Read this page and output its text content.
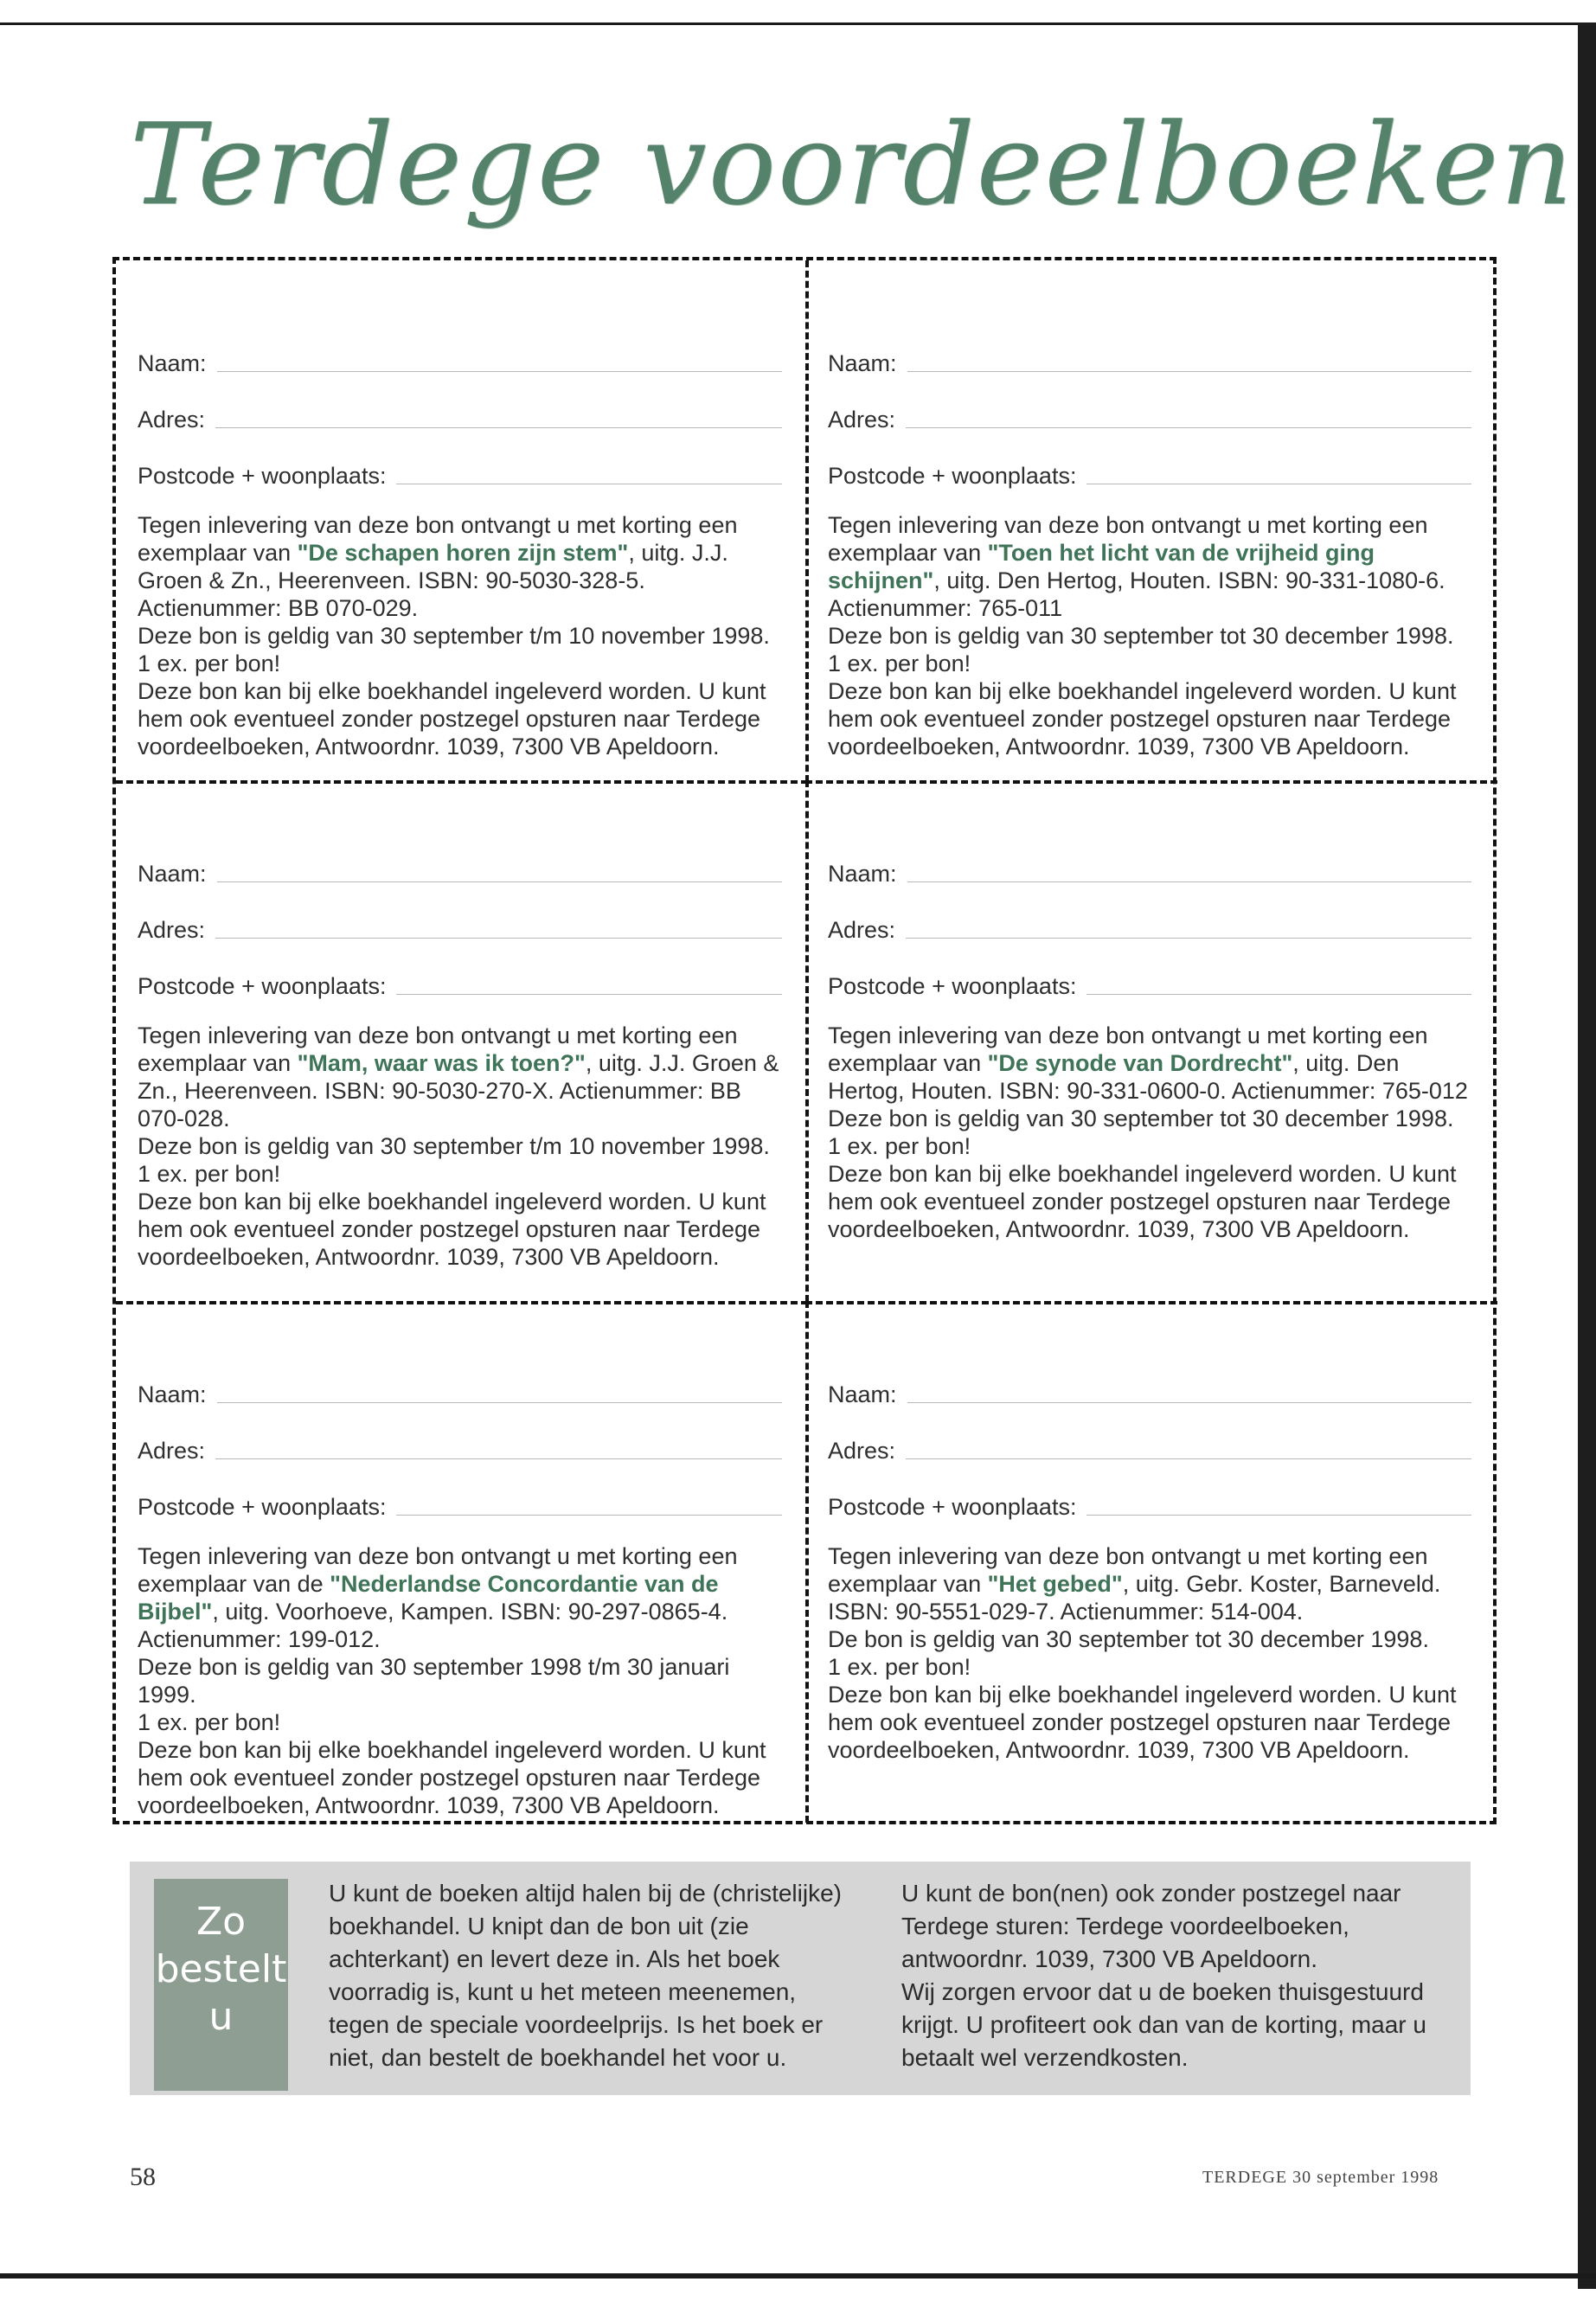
Terdege voordeelboeken
Naam:
Adres:
Postcode + woonplaats:

Tegen inlevering van deze bon ontvangt u met korting een exemplaar van "De schapen horen zijn stem", uitg. J.J. Groen & Zn., Heerenveen. ISBN: 90-5030-328-5. Actienummer: BB 070-029.

Deze bon is geldig van 30 september t/m 10 november 1998.

1 ex. per bon!

Deze bon kan bij elke boekhandel ingeleverd worden. U kunt hem ook eventueel zonder postzegel opsturen naar Terdege voordeelboeken, Antwoordnr. 1039, 7300 VB Apeldoorn.

Naam:
Adres:
Postcode + woonplaats:

Tegen inlevering van deze bon ontvangt u met korting een exemplaar van "Toen het licht van de vrijheid ging schijnen", uitg. Den Hertog, Houten. ISBN: 90-331-1080-6. Actienummer: 765-011

Deze bon is geldig van 30 september tot 30 december 1998.

1 ex. per bon!

Deze bon kan bij elke boekhandel ingeleverd worden. U kunt hem ook eventueel zonder postzegel opsturen naar Terdege voordeelboeken, Antwoordnr. 1039, 7300 VB Apeldoorn.

Naam:
Adres:
Postcode + woonplaats:

Tegen inlevering van deze bon ontvangt u met korting een exemplaar van "Mam, waar was ik toen?", uitg. J.J. Groen & Zn., Heerenveen. ISBN: 90-5030-270-X. Actienummer: BB 070-028.

Deze bon is geldig van 30 september t/m 10 november 1998.

1 ex. per bon!

Deze bon kan bij elke boekhandel ingeleverd worden. U kunt hem ook eventueel zonder postzegel opsturen naar Terdege voordeelboeken, Antwoordnr. 1039, 7300 VB Apeldoorn.

Naam:
Adres:
Postcode + woonplaats:

Tegen inlevering van deze bon ontvangt u met korting een exemplaar van "De synode van Dordrecht", uitg. Den Hertog, Houten. ISBN: 90-331-0600-0. Actienummer: 765-012

Deze bon is geldig van 30 september tot 30 december 1998.

1 ex. per bon!

Deze bon kan bij elke boekhandel ingeleverd worden. U kunt hem ook eventueel zonder postzegel opsturen naar Terdege voordeelboeken, Antwoordnr. 1039, 7300 VB Apeldoorn.

Naam:
Adres:
Postcode + woonplaats:

Tegen inlevering van deze bon ontvangt u met korting een exemplaar van de "Nederlandse Concordantie van de Bijbel", uitg. Voorhoeve, Kampen. ISBN: 90-297-0865-4. Actienummer: 199-012.

Deze bon is geldig van 30 september 1998 t/m 30 januari 1999.

1 ex. per bon!

Deze bon kan bij elke boekhandel ingeleverd worden. U kunt hem ook eventueel zonder postzegel opsturen naar Terdege voordeelboeken, Antwoordnr. 1039, 7300 VB Apeldoorn.

Naam:
Adres:
Postcode + woonplaats:

Tegen inlevering van deze bon ontvangt u met korting een exemplaar van "Het gebed", uitg. Gebr. Koster, Barneveld. ISBN: 90-5551-029-7. Actienummer: 514-004.

De bon is geldig van 30 september tot 30 december 1998.

1 ex. per bon!

Deze bon kan bij elke boekhandel ingeleverd worden. U kunt hem ook eventueel zonder postzegel opsturen naar Terdege voordeelboeken, Antwoordnr. 1039, 7300 VB Apeldoorn.

Zo bestelt u
U kunt de boeken altijd halen bij de (christelijke) boekhandel. U knipt dan de bon uit (zie achterkant) en levert deze in. Als het boek voorradig is, kunt u het meteen meenemen, tegen de speciale voordeelprijs. Is het boek er niet, dan bestelt de boekhandel het voor u.
U kunt de bon(nen) ook zonder postzegel naar Terdege sturen: Terdege voordeelboeken, antwoordnr. 1039, 7300 VB Apeldoorn.
Wij zorgen ervoor dat u de boeken thuisgestuurd krijgt. U profiteert ook dan van de korting, maar u betaalt wel verzendkosten.
58	TERDEGE 30 september 1998
